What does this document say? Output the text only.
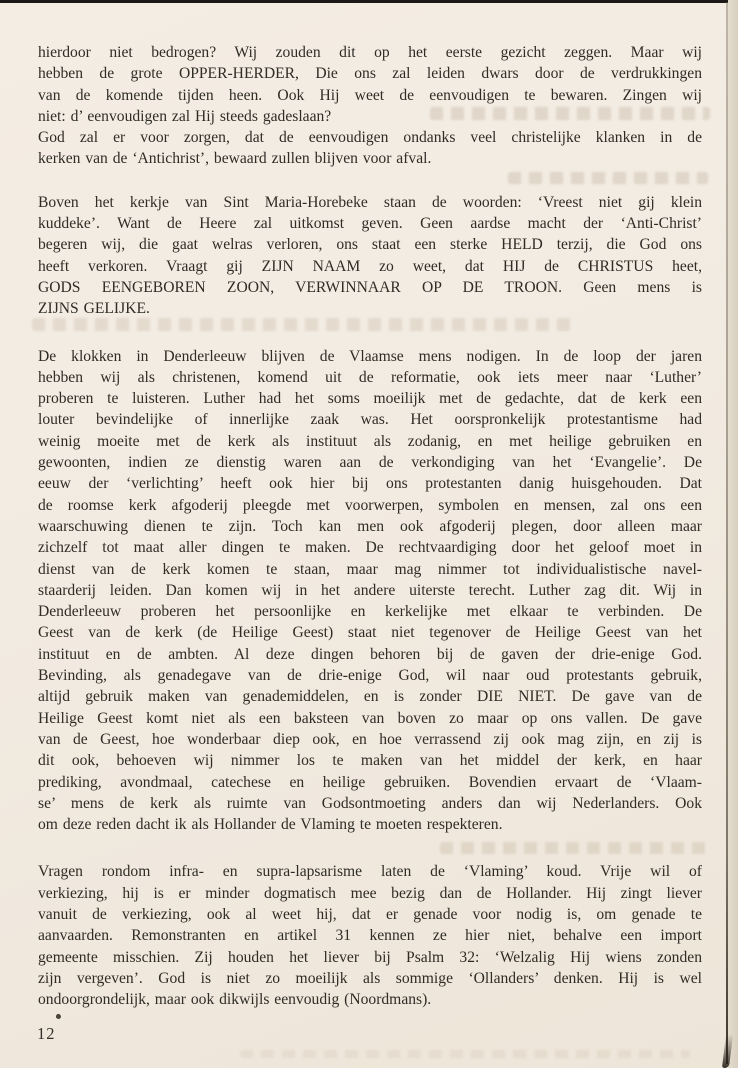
hierdoor niet bedrogen? Wij zouden dit op het eerste gezicht zeggen. Maar wij
hebben de grote OPPER-HERDER, Die ons zal leiden dwars door de verdrukkingen
van de komende tijden heen. Ook Hij weet de eenvoudigen te bewaren. Zingen wij
niet: d’ eenvoudigen zal Hij steeds gadeslaan?
God zal er voor zorgen, dat de eenvoudigen ondanks veel christelijke klanken in de
kerken van de ‘Antichrist’, bewaard zullen blijven voor afval.
Boven het kerkje van Sint Maria-Horebeke staan de woorden: ‘Vreest niet gij klein
kuddeke’. Want de Heere zal uitkomst geven. Geen aardse macht der ‘Anti-Christ’
begeren wij, die gaat welras verloren, ons staat een sterke HELD terzij, die God ons
heeft verkoren. Vraagt gij ZIJN NAAM zo weet, dat HIJ de CHRISTUS heet,
GODS EENGEBOREN ZOON, VERWINNAAR OP DE TROON. Geen mens is
ZIJNS GELIJKE.
De klokken in Denderleeuw blijven de Vlaamse mens nodigen. In de loop der jaren
hebben wij als christenen, komend uit de reformatie, ook iets meer naar ‘Luther’
proberen te luisteren. Luther had het soms moeilijk met de gedachte, dat de kerk een
louter bevindelijke of innerlijke zaak was. Het oorspronkelijk protestantisme had
weinig moeite met de kerk als instituut als zodanig, en met heilige gebruiken en
gewoonten, indien ze dienstig waren aan de verkondiging van het ‘Evangelie’. De
eeuw der ‘verlichting’ heeft ook hier bij ons protestanten danig huisgehouden. Dat
de roomse kerk afgoderij pleegde met voorwerpen, symbolen en mensen, zal ons een
waarschuwing dienen te zijn. Toch kan men ook afgoderij plegen, door alleen maar
zichzelf tot maat aller dingen te maken. De rechtvaardiging door het geloof moet in
dienst van de kerk komen te staan, maar mag nimmer tot individualistische navel-
staarderij leiden. Dan komen wij in het andere uiterste terecht. Luther zag dit. Wij in
Denderleeuw proberen het persoonlijke en kerkelijke met elkaar te verbinden. De
Geest van de kerk (de Heilige Geest) staat niet tegenover de Heilige Geest van het
instituut en de ambten. Al deze dingen behoren bij de gaven der drie-enige God.
Bevinding, als genadegave van de drie-enige God, wil naar oud protestants gebruik,
altijd gebruik maken van genademiddelen, en is zonder DIE NIET. De gave van de
Heilige Geest komt niet als een baksteen van boven zo maar op ons vallen. De gave
van de Geest, hoe wonderbaar diep ook, en hoe verrassend zij ook mag zijn, en zij is
dit ook, behoeven wij nimmer los te maken van het middel der kerk, en haar
prediking, avondmaal, catechese en heilige gebruiken. Bovendien ervaart de ‘Vlaam-
se’ mens de kerk als ruimte van Godsontmoeting anders dan wij Nederlanders. Ook
om deze reden dacht ik als Hollander de Vlaming te moeten respekteren.
Vragen rondom infra- en supra-lapsarisme laten de ‘Vlaming’ koud. Vrije wil of
verkiezing, hij is er minder dogmatisch mee bezig dan de Hollander. Hij zingt liever
vanuit de verkiezing, ook al weet hij, dat er genade voor nodig is, om genade te
aanvaarden. Remonstranten en artikel 31 kennen ze hier niet, behalve een import
gemeente misschien. Zij houden het liever bij Psalm 32: ‘Welzalig Hij wiens zonden
zijn vergeven’. God is niet zo moeilijk als sommige ‘Ollanders’ denken. Hij is wel
ondoorgrondelijk, maar ook dikwijls eenvoudig (Noordmans).
12
